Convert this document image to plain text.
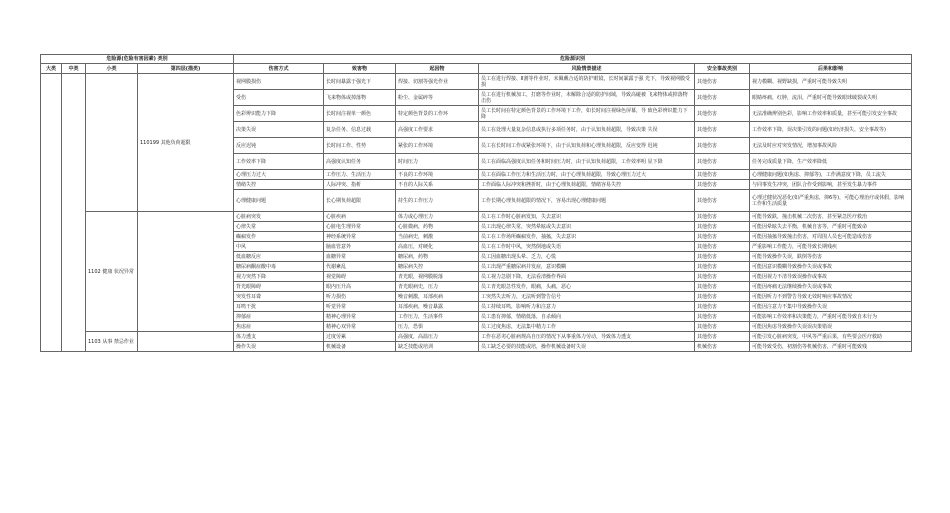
危险源(危险有害因素) 类别				危险源识别					
大类	中类	小类	第四层(描类)	伤害方式	致害物	起因物	风险情景描述	安全事故类别	后果和影响
			110199 其他负荷超限	视网膜损伤	长时间暴露于强光下	焊接、切割等强光作业	员工在进行焊接、Ⅱ割等作业时，未佩戴合适的防护眼镜，长时间暴露于强 光下，导致视网膜受损	其他伤害	视力模糊、视野缺损，严重时可能导致失明
				受伤	飞来物体或掉落物	粉尘、金属碎等	员工在进行机械加工，打磨等作业时，未解除合适的防护间域，导致高碰被 飞来物体或掉落物击伤	其他伤害	眼睛疼痛，红肿，流泪，严重时可能导致眼球破裂或失明
				色彩辨识能力下降	长时间注视单一颜色	特定颜色背景的工作环	员工长时间在特定颜色背景的工作环境下工作，如长时间注视绿色屏幕，导 致色彩辨识能力下降	其他伤害	无法准确辨别色彩，影响工作效率和质量，甚至可能引发安全事故
				决策失误	复杂任务、信息过载	高强度工作要求	员工在处理大量复杂信息或执行多项任务时，由于认知负荷超限，导致决策 失误	其他伤害	工作效率下降，误决策引发的问题(如经济损失、安全事故等)
				反应迟钝	长时间工作、性势	紧张的工作环境	员工在长时间工作或紧张环境下，由于认知负荷和心理负荷超限，反应变得 迟钝	其他伤害	无法及时应对突发情况，增加事故风险
				工作效率下降	高强度认知任务	时间压力	员工在面临高强度认知任务和时间压力时，由于认知负荷超限，工作效率明 显下降	其他伤害	任务完成质量下降，生产效率降低
				心理压力过大	工作压力、生活压力	不良的工作环境	员工在面临工作压力和生活压力时，由于心理负荷超限，导致心理压力过大	其他伤害	心理健康问题(如焦虑、抑郁等)，工作满意度下降，员工流失
				情绪失控	人际冲突、指析	不自的人际关系	工作面临人际冲突和挫折时，由于心理负荷超限，情绪容易失控	其他伤害	与同事发生冲突，团队合作受到影响，甚至发生暴力事件
				心理健康问题	长心期负荷超限	持生的工作压力	工作长期心理负荷超限的情况下，容易出现心理健康问题	其他伤害	心理过健状况恶化(如严重焦虑，抑6等)，可能心理治疗或休假，影响工作和生活质量
		1102 健康 状况异常		心脏病突发	心脏疾病	体力或心理压力	员工在工作时心脏病发知，失去意识	其他伤害	可能导致跌，撞击机械二次伤害，甚至紧急医疗救治
				心律失常	心脏电生理异常	心脏微病，药物	员工出现心律失常，突然晕眩或失去意识	其他伤害	可能因晕眩失去平衡，机械自害等，严重时可能致命
				癫痫发作	神经系统异常	当前病史，刺激	员工在工作场所癫痫发作，抽搐，失去意识	其他伤害	可能因抽搐导致撞击伤害，对周围人员也可能造成伤害
				中风	脑血管意外	高血压，对硬化	员工在工作时中风，突然倒地或失语	其他伤害	严重影响工作能力，可能导致长期残疾
				低血糖反应	血糖异常	糖尿病，药物	员工因血糖出现头晕、乏力，心慌	其他伤害	可能导致操作失误，跌倒等伤害
				糖尿病酮症酸中毒	代谢紊乱	糖尿病失控	员工出现严重糖尿病并发症，意识模糊	其他伤害	可能因意识模糊导致操作失误或事故
				视力突然下降	视觉障碍	青光眼，视网膜脱落	员工视力急剧下降，无法看清操作界面	其他伤害	可能因视力不清导致误操作或事故
				背光眼障碍	眼内压升高	青光眼病史，压力	员工青光眼急性发作，眼痛，头痛，恶心	其他伤害	可能因疼痛无法继续操作失误或事故
				突发性耳聋	听力损伤	噪音刺激，耳部疾病	工突然失去听力，无法听到警告信号	其他伤害	可能因听力不到警告导致无效时响应事故情况
				耳鸣干扰	听觉异常	耳部疾病，噪音暴露	员工持续耳鸣，影响听力和注意力	其他伤害	可能因注意力不集中导致操作失误
				抑郁症	精神心理异常	工作压力，生活事件	员工患有抑郁，情绪低落，自杀倾向	其他伤害	可能影响工作效率和决策能力，严重时可能导致自未行为
				焦虑症	精神心双异常	压力，恐惧	员工过度焦虑，无法集中精力工作	其他伤害	可能因焦虑导致操作失误误决策错误
		1103 从事 禁忌作业		体力透支	过度劳累	高强度，高温压力	工作在恶劣心脏病规高自压的情况下从事重体力劳动，导致体力透支	其他伤害	可能引发心脏病突发，中风等严重后果，有些要会医疗救助
				操作失误	机械设备	缺乏技能或培训	员工缺乏必要的技能或培，操作机械设备时失误	机械伤害	可能导致受伤，初割伤等机械伤害，严重时可能致残
